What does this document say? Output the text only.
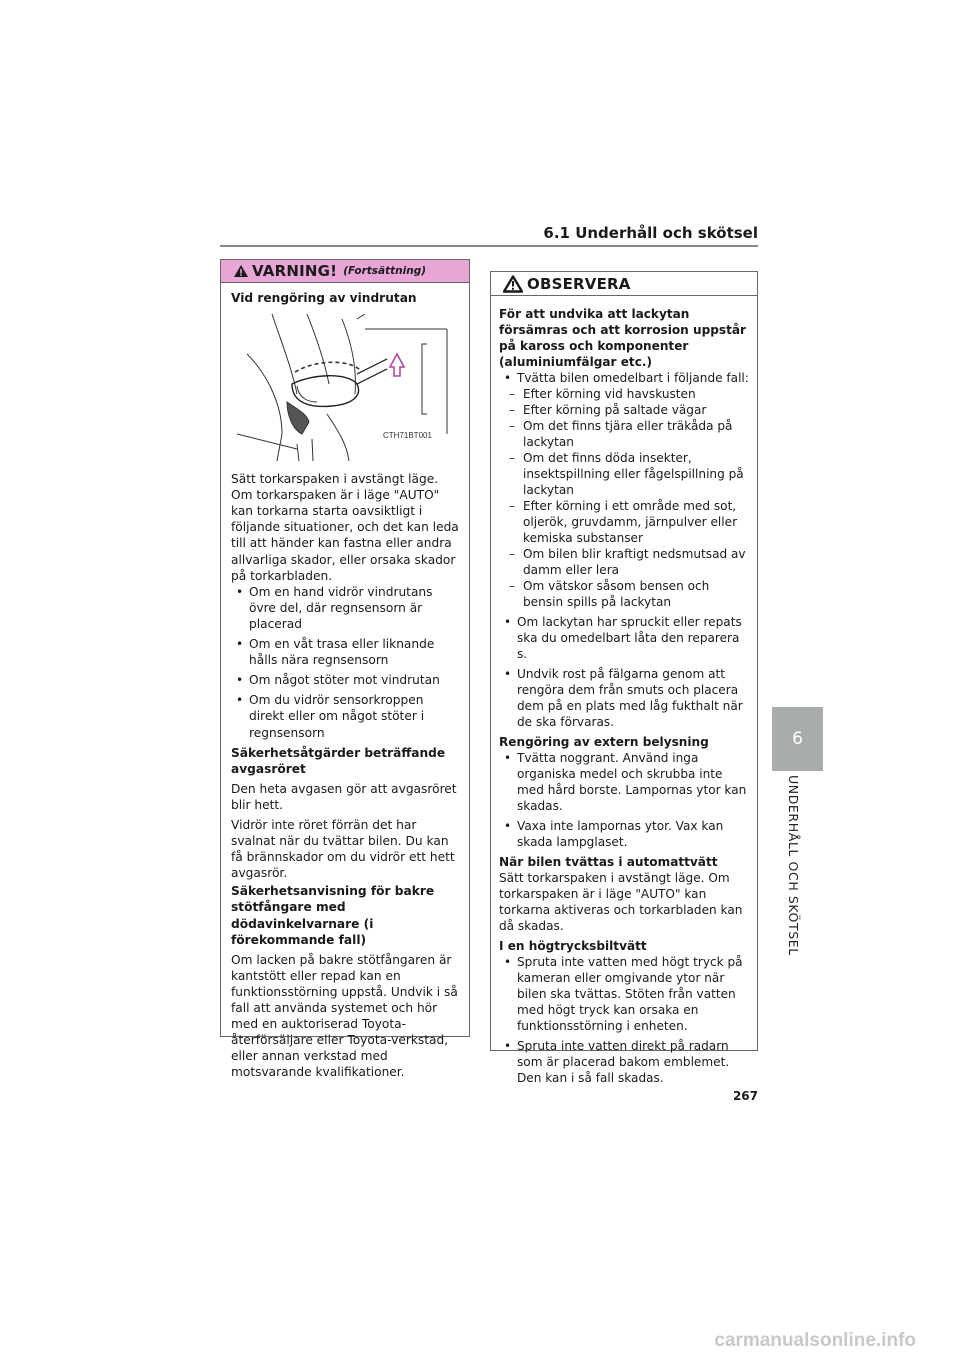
6.1 Underhåll och skötsel
VARNING! (Fortsättning)
Vid rengöring av vindrutan
CTH71BT001

Sätt torkarspaken i avstängt läge. Om torkarspaken är i läge "AUTO" kan torkarna starta oavsiktligt i följande situationer, och det kan leda till att händer kan fastna eller andra allvarliga skador, eller orsaka skador på torkarbladen.

• Om en hand vidrör vindrutans övre del, där regnsensorn är placerad
• Om en våt trasa eller liknande hålls nära regnsensorn
• Om något stöter mot vindrutan
• Om du vidrör sensorkroppen direkt eller om något stöter i regnsensorn
Säkerhetsåtgärder beträffande avgasröret

Den heta avgasen gör att avgasröret blir hett.

Vidrör inte röret förrän det har svalnat när du tvättar bilen. Du kan få brännskador om du vidrör ett hett avgasrör.

Säkerhetsanvisning för bakre stötfångare med dödavinkelvarnare (i förekommande fall)

Om lacken på bakre stötfångaren är kantstött eller repad kan en funktionsstörning uppstå. Undvik i så fall att använda systemet och hör med en auktoriserad Toyota-återförsäljare eller Toyota-verkstad, eller annan verkstad med motsvarande kvalifikationer.

OBSERVERA
För att undvika att lackytan försämras och att korrosion uppstår på kaross och komponenter (aluminiumfälgar etc.)
• Tvätta bilen omedelbart i följande fall:
– Efter körning vid havskusten
– Efter körning på saltade vägar
– Om det finns tjära eller träkåda på lackytan
– Om det finns döda insekter, insektspillning eller fågelspillning på lackytan
– Efter körning i ett område med sot, oljerök, gruvdamm, järnpulver eller kemiska substanser
– Om bilen blir kraftigt nedsmutsad av damm eller lera
– Om vätskor såsom bensen och bensin spills på lackytan
• Om lackytan har spruckit eller repats ska du omedelbart låta den reparera s.
• Undvik rost på fälgarna genom att rengöra dem från smuts och placera dem på en plats med låg fukthalt när de ska förvaras.
Rengöring av extern belysning
• Tvätta noggrant. Använd inga organiska medel och skrubba inte med hård borste. Lampornas ytor kan skadas.
• Vaxa inte lampornas ytor. Vax kan skada lampglaset.
När bilen tvättas i automattvätt

Sätt torkarspaken i avstängt läge. Om torkarspaken är i läge "AUTO" kan torkarna aktiveras och torkarbladen kan då skadas.

I en högtrycksbiltvätt
• Spruta inte vatten med högt tryck på kameran eller omgivande ytor när bilen ska tvättas. Stöten från vatten med högt tryck kan orsaka en funktionsstörning i enheten.
• Spruta inte vatten direkt på radarn som är placerad bakom emblemet. Den kan i så fall skadas.
6
UNDERHÅLL OCH SKÖTSEL
267
carmanualsonline.info
